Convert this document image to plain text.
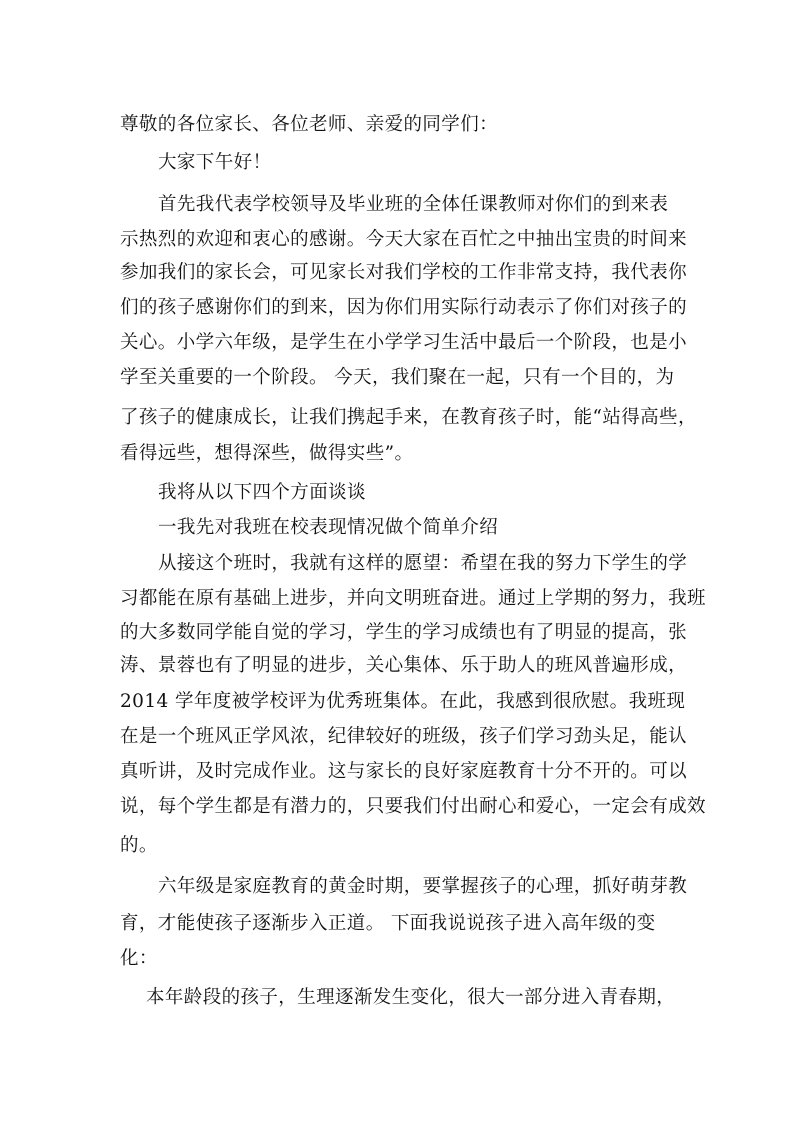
尊敬的各位家长、各位老师、亲爱的同学们：
大家下午好！
首先我代表学校领导及毕业班的全体任课教师对你们的到来表
示热烈的欢迎和衷心的感谢。今天大家在百忙之中抽出宝贵的时间来
参加我们的家长会，可见家长对我们学校的工作非常支持，我代表你
们的孩子感谢你们的到来，因为你们用实际行动表示了你们对孩子的
关心。小学六年级，是学生在小学学习生活中最后一个阶段，也是小
学至关重要的一个阶段。 今天，我们聚在一起，只有一个目的，为
了孩子的健康成长，让我们携起手来，在教育孩子时，能“站得高些，
看得远些，想得深些，做得实些”。
我将从以下四个方面谈谈
一我先对我班在校表现情况做个简单介绍
从接这个班时，我就有这样的愿望：希望在我的努力下学生的学
习都能在原有基础上进步，并向文明班奋进。通过上学期的努力，我班
的大多数同学能自觉的学习，学生的学习成绩也有了明显的提高，张
涛、景蓉也有了明显的进步，关心集体、乐于助人的班风普遍形成，
2014 学年度被学校评为优秀班集体。在此，我感到很欣慰。我班现
在是一个班风正学风浓，纪律较好的班级，孩子们学习劲头足，能认
真听讲，及时完成作业。这与家长的良好家庭教育十分不开的。可以
说，每个学生都是有潜力的，只要我们付出耐心和爱心，一定会有成效
的。
六年级是家庭教育的黄金时期，要掌握孩子的心理，抓好萌芽教
育，才能使孩子逐渐步入正道。 下面我说说孩子进入高年级的变
化：
本年龄段的孩子，生理逐渐发生变化，很大一部分进入青春期，
